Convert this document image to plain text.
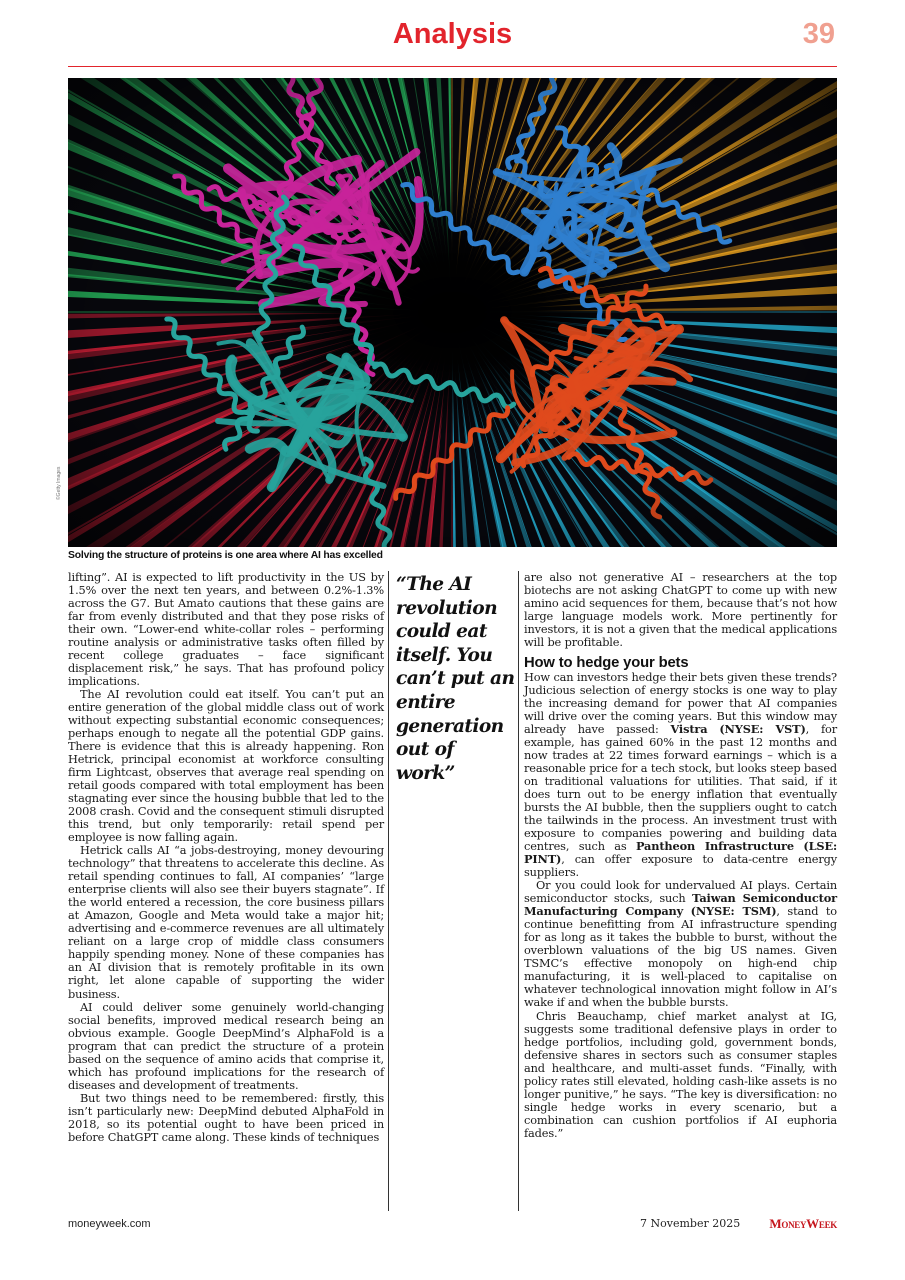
Analysis	39
©Getty Images
Solving the structure of proteins is one area where AI has excelled

lifting”. AI is expected to lift productivity in the US by 1.5% over the next ten years, and between 0.2%-1.3% across the G7. But Amato cautions that these gains are far from evenly distributed and that they pose risks of their own. “Lower-end white-collar roles – performing routine analysis or administrative tasks often filled by recent college graduates – face significant displacement risk,” he says. That has profound policy implications.

The AI revolution could eat itself. You can’t put an entire generation of the global middle class out of work without expecting substantial economic consequences; perhaps enough to negate all the potential GDP gains. There is evidence that this is already happening. Ron Hetrick, principal economist at workforce consulting firm Lightcast, observes that average real spending on retail goods compared with total employment has been stagnating ever since the housing bubble that led to the 2008 crash. Covid and the consequent stimuli disrupted this trend, but only temporarily: retail spend per employee is now falling again.

Hetrick calls AI “a jobs-destroying, money devouring technology” that threatens to accelerate this decline. As retail spending continues to fall, AI companies’ “large enterprise clients will also see their buyers stagnate”. If the world entered a recession, the core business pillars at Amazon, Google and Meta would take a major hit; advertising and e-commerce revenues are all ultimately reliant on a large crop of middle class consumers happily spending money. None of these companies has an AI division that is remotely profitable in its own right, let alone capable of supporting the wider business.

AI could deliver some genuinely world-changing social benefits, improved medical research being an obvious example. Google DeepMind’s AlphaFold is a program that can predict the structure of a protein based on the sequence of amino acids that comprise it, which has profound implications for the research of diseases and development of treatments.

But two things need to be remembered: firstly, this isn’t particularly new: DeepMind debuted AlphaFold in 2018, so its potential ought to have been priced in before ChatGPT came along. These kinds of techniques

“The AI revolution could eat itself. You can’t put an entire generation out of work”

are also not generative AI – researchers at the top biotechs are not asking ChatGPT to come up with new amino acid sequences for them, because that’s not how large language models work. More pertinently for investors, it is not a given that the medical applications will be profitable.

How to hedge your bets

How can investors hedge their bets given these trends? Judicious selection of energy stocks is one way to play the increasing demand for power that AI companies will drive over the coming years. But this window may already have passed: Vistra (NYSE: VST), for example, has gained 60% in the past 12 months and now trades at 22 times forward earnings – which is a reasonable price for a tech stock, but looks steep based on traditional valuations for utilities. That said, if it does turn out to be energy inflation that eventually bursts the AI bubble, then the suppliers ought to catch the tailwinds in the process. An investment trust with exposure to companies powering and building data centres, such as Pantheon Infrastructure (LSE: PINT), can offer exposure to data-centre energy suppliers.

Or you could look for undervalued AI plays. Certain semiconductor stocks, such Taiwan Semiconductor Manufacturing Company (NYSE: TSM), stand to continue benefitting from AI infrastructure spending for as long as it takes the bubble to burst, without the overblown valuations of the big US names. Given TSMC’s effective monopoly on high-end chip manufacturing, it is well-placed to capitalise on whatever technological innovation might follow in AI’s wake if and when the bubble bursts.

Chris Beauchamp, chief market analyst at IG, suggests some traditional defensive plays in order to hedge portfolios, including gold, government bonds, defensive shares in sectors such as consumer staples and healthcare, and multi-asset funds. “Finally, with policy rates still elevated, holding cash-like assets is no longer punitive,” he says. “The key is diversification: no single hedge works in every scenario, but a combination can cushion portfolios if AI euphoria fades.”

moneyweek.com	7 November 2025 MoneyWeek
